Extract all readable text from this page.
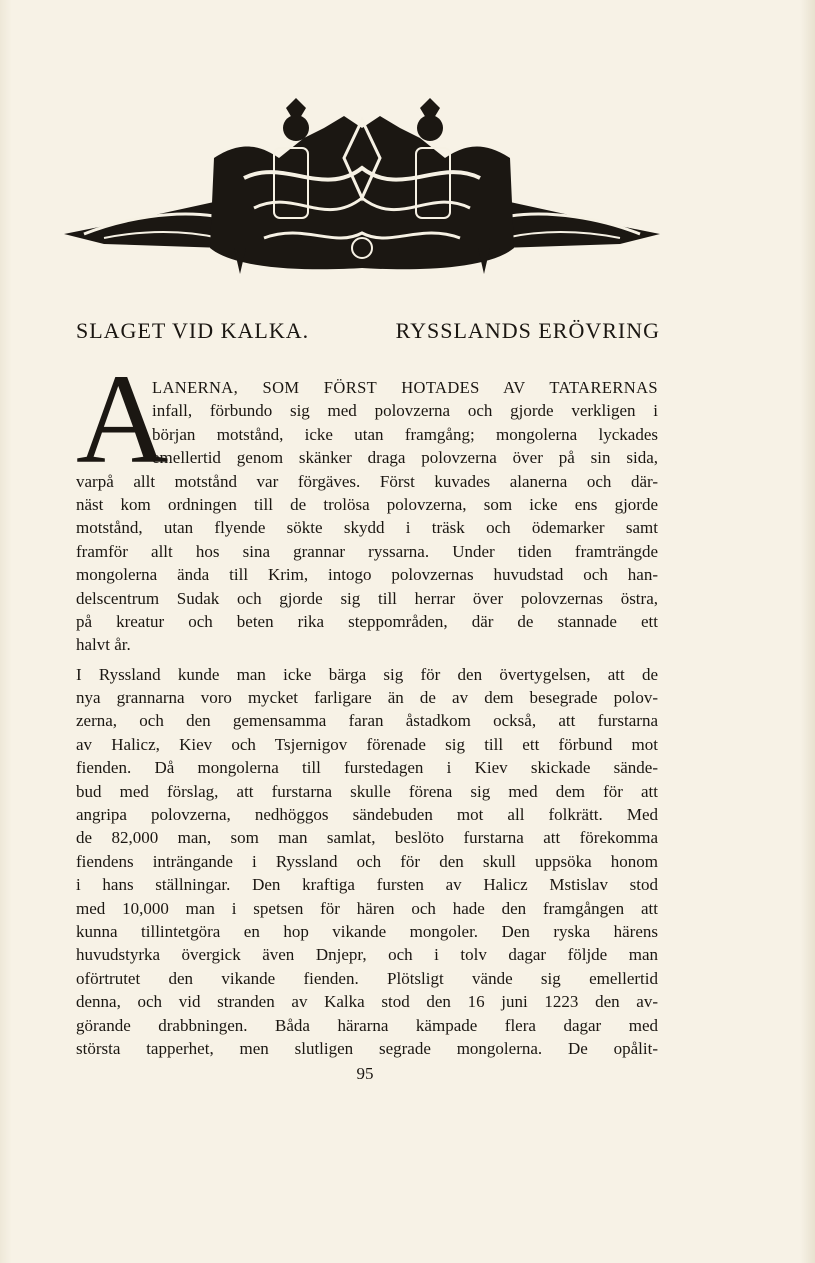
SLAGET VID KALKA.	RYSSLANDS ERÖVRING
A
LANERNA, SOM FÖRST HOTADES AV TATARERNAS
infall, förbundo sig med polovzerna och gjorde verkligen i
början motstånd, icke utan framgång; mongolerna lyckades
emellertid genom skänker draga polovzerna över på sin sida,
varpå allt motstånd var förgäves. Först kuvades alanerna och där-
näst kom ordningen till de trolösa polovzerna, som icke ens gjorde
motstånd, utan flyende sökte skydd i träsk och ödemarker samt
framför allt hos sina grannar ryssarna. Under tiden framträngde
mongolerna ända till Krim, intogo polovzernas huvudstad och han-
delscentrum Sudak och gjorde sig till herrar över polovzernas östra,
på kreatur och beten rika steppområden, där de stannade ett
halvt år.
I Ryssland kunde man icke bärga sig för den övertygelsen, att de
nya grannarna voro mycket farligare än de av dem besegrade polov-
zerna, och den gemensamma faran åstadkom också, att furstarna
av Halicz, Kiev och Tsjernigov förenade sig till ett förbund mot
fienden. Då mongolerna till furstedagen i Kiev skickade sände-
bud med förslag, att furstarna skulle förena sig med dem för att
angripa polovzerna, nedhöggos sändebuden mot all folkrätt. Med
de 82,000 man, som man samlat, beslöto furstarna att förekomma
fiendens inträngande i Ryssland och för den skull uppsöka honom
i hans ställningar. Den kraftiga fursten av Halicz Mstislav stod
med 10,000 man i spetsen för hären och hade den framgången att
kunna tillintetgöra en hop vikande mongoler. Den ryska härens
huvudstyrka övergick även Dnjepr, och i tolv dagar följde man
oförtrutet den vikande fienden. Plötsligt vände sig emellertid
denna, och vid stranden av Kalka stod den 16 juni 1223 den av-
görande drabbningen. Båda härarna kämpade flera dagar med
största tapperhet, men slutligen segrade mongolerna. De opålit-
95
